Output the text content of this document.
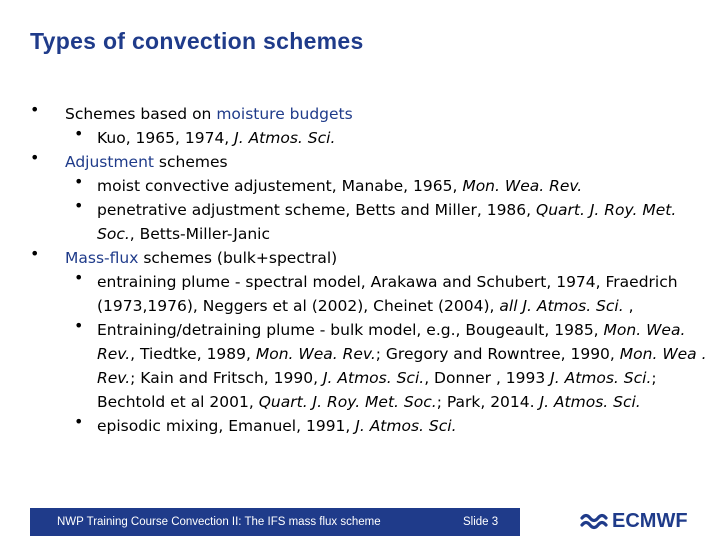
Types of convection schemes
• Schemes based on moisture budgets
• Kuo, 1965, 1974, J. Atmos. Sci.
• Adjustment schemes
• moist convective adjustement, Manabe, 1965, Mon. Wea. Rev.
• penetrative adjustment scheme, Betts and Miller, 1986, Quart. J. Roy. Met. Soc., Betts-Miller-Janic
• Mass-flux schemes (bulk+spectral)
• entraining plume - spectral model, Arakawa and Schubert, 1974, Fraedrich (1973,1976), Neggers et al (2002), Cheinet (2004), all J. Atmos. Sci. ,
• Entraining/detraining plume - bulk model, e.g., Bougeault, 1985, Mon. Wea. Rev., Tiedtke, 1989, Mon. Wea. Rev.; Gregory and Rowntree, 1990, Mon. Wea . Rev.; Kain and Fritsch, 1990, J. Atmos. Sci., Donner , 1993 J. Atmos. Sci.; Bechtold et al 2001, Quart. J. Roy. Met. Soc.; Park, 2014. J. Atmos. Sci.
• episodic mixing, Emanuel, 1991, J. Atmos. Sci.
NWP Training Course Convection II: The IFS mass flux scheme	Slide 3	ECMWF
